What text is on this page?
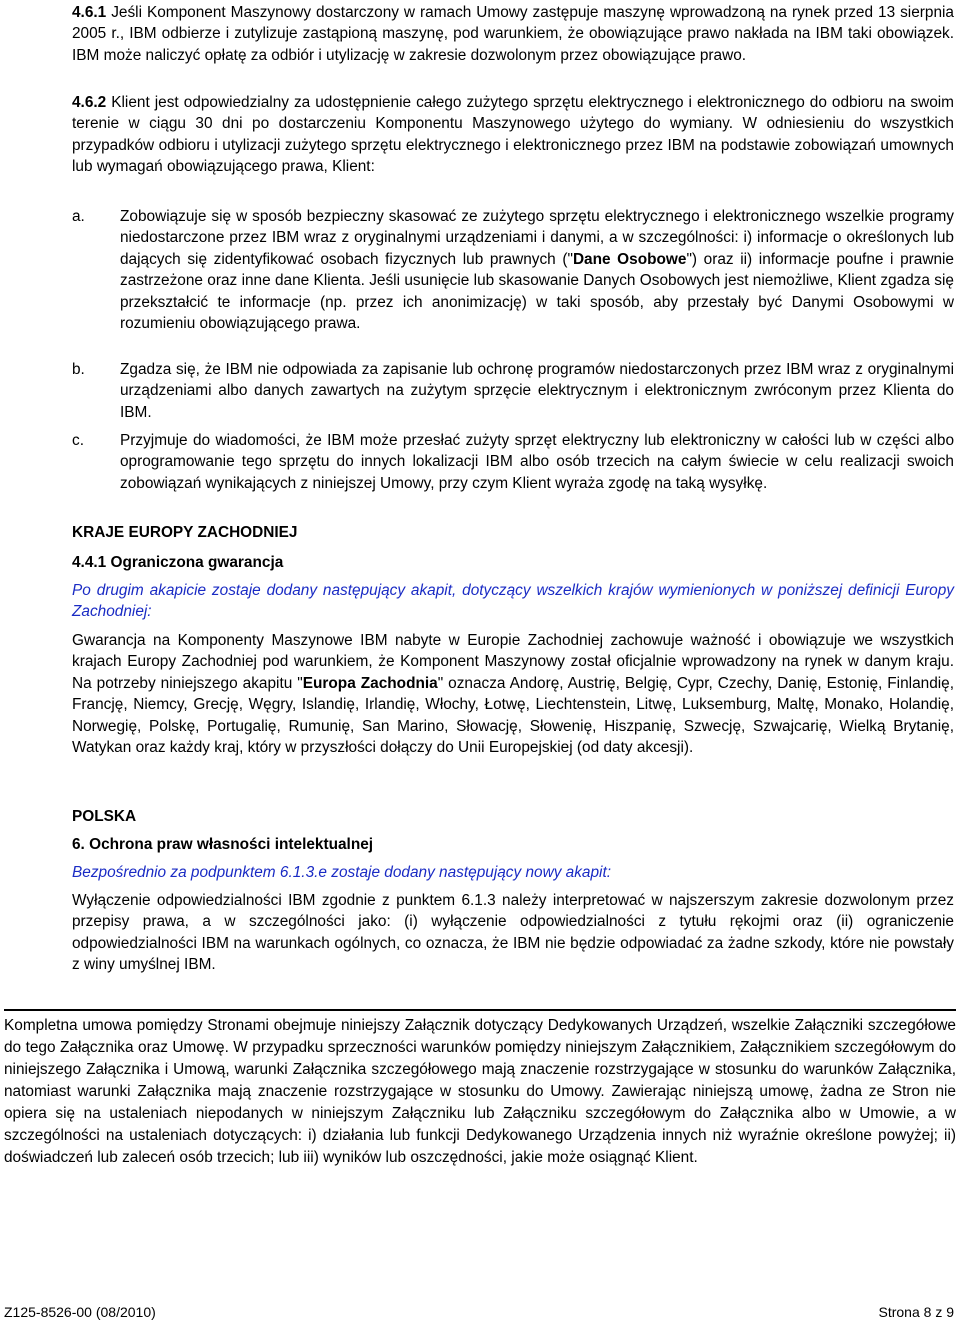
4.6.1 Jeśli Komponent Maszynowy dostarczony w ramach Umowy zastępuje maszynę wprowadzoną na rynek przed 13 sierpnia 2005 r., IBM odbierze i zutylizuje zastąpioną maszynę, pod warunkiem, że obowiązujące prawo nakłada na IBM taki obowiązek. IBM może naliczyć opłatę za odbiór i utylizację w zakresie dozwolonym przez obowiązujące prawo.

4.6.2 Klient jest odpowiedzialny za udostępnienie całego zużytego sprzętu elektrycznego i elektronicznego do odbioru na swoim terenie w ciągu 30 dni po dostarczeniu Komponentu Maszynowego użytego do wymiany. W odniesieniu do wszystkich przypadków odbioru i utylizacji zużytego sprzętu elektrycznego i elektronicznego przez IBM na podstawie zobowiązań umownych lub wymagań obowiązującego prawa, Klient:

a. Zobowiązuje się w sposób bezpieczny skasować ze zużytego sprzętu elektrycznego i elektronicznego wszelkie programy niedostarczone przez IBM wraz z oryginalnymi urządzeniami i danymi, a w szczególności: i) informacje o określonych lub dających się zidentyfikować osobach fizycznych lub prawnych ("Dane Osobowe") oraz ii) informacje poufne i prawnie zastrzeżone oraz inne dane Klienta. Jeśli usunięcie lub skasowanie Danych Osobowych jest niemożliwe, Klient zgadza się przekształcić te informacje (np. przez ich anonimizację) w taki sposób, aby przestały być Danymi Osobowymi w rozumieniu obowiązującego prawa.

b. Zgadza się, że IBM nie odpowiada za zapisanie lub ochronę programów niedostarczonych przez IBM wraz z oryginalnymi urządzeniami albo danych zawartych na zużytym sprzęcie elektrycznym i elektronicznym zwróconym przez Klienta do IBM.

c. Przyjmuje do wiadomości, że IBM może przesłać zużyty sprzęt elektryczny lub elektroniczny w całości lub w części albo oprogramowanie tego sprzętu do innych lokalizacji IBM albo osób trzecich na całym świecie w celu realizacji swoich zobowiązań wynikających z niniejszej Umowy, przy czym Klient wyraża zgodę na taką wysyłkę.

KRAJE EUROPY ZACHODNIEJ
4.4.1 Ograniczona gwarancja

Po drugim akapicie zostaje dodany następujący akapit, dotyczący wszelkich krajów wymienionych w poniższej definicji Europy Zachodniej:

Gwarancja na Komponenty Maszynowe IBM nabyte w Europie Zachodniej zachowuje ważność i obowiązuje we wszystkich krajach Europy Zachodniej pod warunkiem, że Komponent Maszynowy został oficjalnie wprowadzony na rynek w danym kraju. Na potrzeby niniejszego akapitu "Europa Zachodnia" oznacza Andorę, Austrię, Belgię, Cypr, Czechy, Danię, Estonię, Finlandię, Francję, Niemcy, Grecję, Węgry, Islandię, Irlandię, Włochy, Łotwę, Liechtenstein, Litwę, Luksemburg, Maltę, Monako, Holandię, Norwegię, Polskę, Portugalię, Rumunię, San Marino, Słowację, Słowenię, Hiszpanię, Szwecję, Szwajcarię, Wielką Brytanię, Watykan oraz każdy kraj, który w przyszłości dołączy do Unii Europejskiej (od daty akcesji).

POLSKA
6. Ochrona praw własności intelektualnej

Bezpośrednio za podpunktem 6.1.3.e zostaje dodany następujący nowy akapit:

Wyłączenie odpowiedzialności IBM zgodnie z punktem 6.1.3 należy interpretować w najszerszym zakresie dozwolonym przez przepisy prawa, a w szczególności jako: (i) wyłączenie odpowiedzialności z tytułu rękojmi oraz (ii) ograniczenie odpowiedzialności IBM na warunkach ogólnych, co oznacza, że IBM nie będzie odpowiadać za żadne szkody, które nie powstały z winy umyślnej IBM.

Kompletna umowa pomiędzy Stronami obejmuje niniejszy Załącznik dotyczący Dedykowanych Urządzeń, wszelkie Załączniki szczegółowe do tego Załącznika oraz Umowę. W przypadku sprzeczności warunków pomiędzy niniejszym Załącznikiem, Załącznikiem szczegółowym do niniejszego Załącznika i Umową, warunki Załącznika szczegółowego mają znaczenie rozstrzygające w stosunku do warunków Załącznika, natomiast warunki Załącznika mają znaczenie rozstrzygające w stosunku do Umowy. Zawierając niniejszą umowę, żadna ze Stron nie opiera się na ustaleniach niepodanych w niniejszym Załączniku lub Załączniku szczegółowym do Załącznika albo w Umowie, a w szczególności na ustaleniach dotyczących: i) działania lub funkcji Dedykowanego Urządzenia innych niż wyraźnie określone powyżej; ii) doświadczeń lub zaleceń osób trzecich; lub iii) wyników lub oszczędności, jakie może osiągnąć Klient.

Z125-8526-00 (08/2010)	Strona 8 z 9
